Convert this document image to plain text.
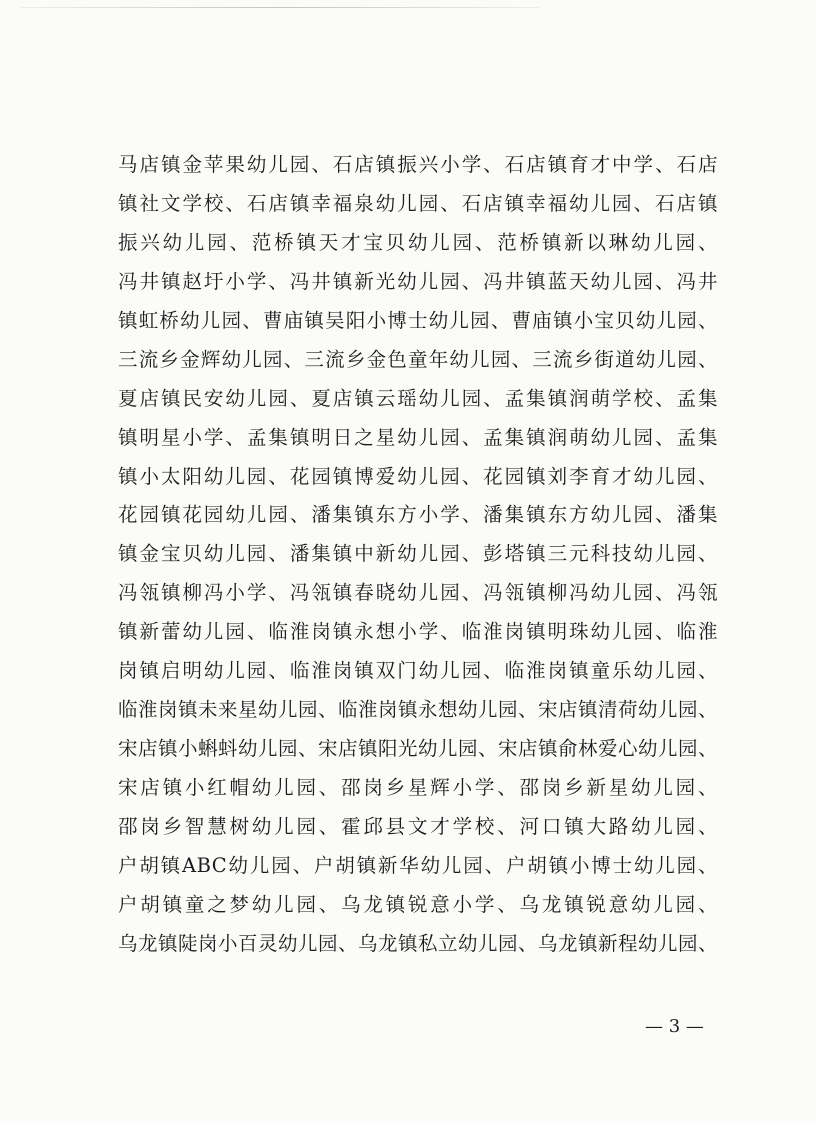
马店镇金苹果幼儿园、石店镇振兴小学、石店镇育才中学、石店
镇社文学校、石店镇幸福泉幼儿园、石店镇幸福幼儿园、石店镇
振兴幼儿园、范桥镇天才宝贝幼儿园、范桥镇新以琳幼儿园、
冯井镇赵圩小学、冯井镇新光幼儿园、冯井镇蓝天幼儿园、冯井
镇虹桥幼儿园、曹庙镇吴阳小博士幼儿园、曹庙镇小宝贝幼儿园、
三流乡金辉幼儿园、三流乡金色童年幼儿园、三流乡街道幼儿园、
夏店镇民安幼儿园、夏店镇云瑶幼儿园、孟集镇润萌学校、孟集
镇明星小学、孟集镇明日之星幼儿园、孟集镇润萌幼儿园、孟集
镇小太阳幼儿园、花园镇博爱幼儿园、花园镇刘李育才幼儿园、
花园镇花园幼儿园、潘集镇东方小学、潘集镇东方幼儿园、潘集
镇金宝贝幼儿园、潘集镇中新幼儿园、彭塔镇三元科技幼儿园、
冯瓴镇柳冯小学、冯瓴镇春晓幼儿园、冯瓴镇柳冯幼儿园、冯瓴
镇新蕾幼儿园、临淮岗镇永想小学、临淮岗镇明珠幼儿园、临淮
岗镇启明幼儿园、临淮岗镇双门幼儿园、临淮岗镇童乐幼儿园、
临淮岗镇未来星幼儿园、临淮岗镇永想幼儿园、宋店镇清荷幼儿园、
宋店镇小蝌蚪幼儿园、宋店镇阳光幼儿园、宋店镇俞林爱心幼儿园、
宋店镇小红帽幼儿园、邵岗乡星辉小学、邵岗乡新星幼儿园、
邵岗乡智慧树幼儿园、霍邱县文才学校、河口镇大路幼儿园、
户胡镇ABC幼儿园、户胡镇新华幼儿园、户胡镇小博士幼儿园、
户胡镇童之梦幼儿园、乌龙镇锐意小学、乌龙镇锐意幼儿园、
乌龙镇陡岗小百灵幼儿园、乌龙镇私立幼儿园、乌龙镇新程幼儿园、
— 3 —
